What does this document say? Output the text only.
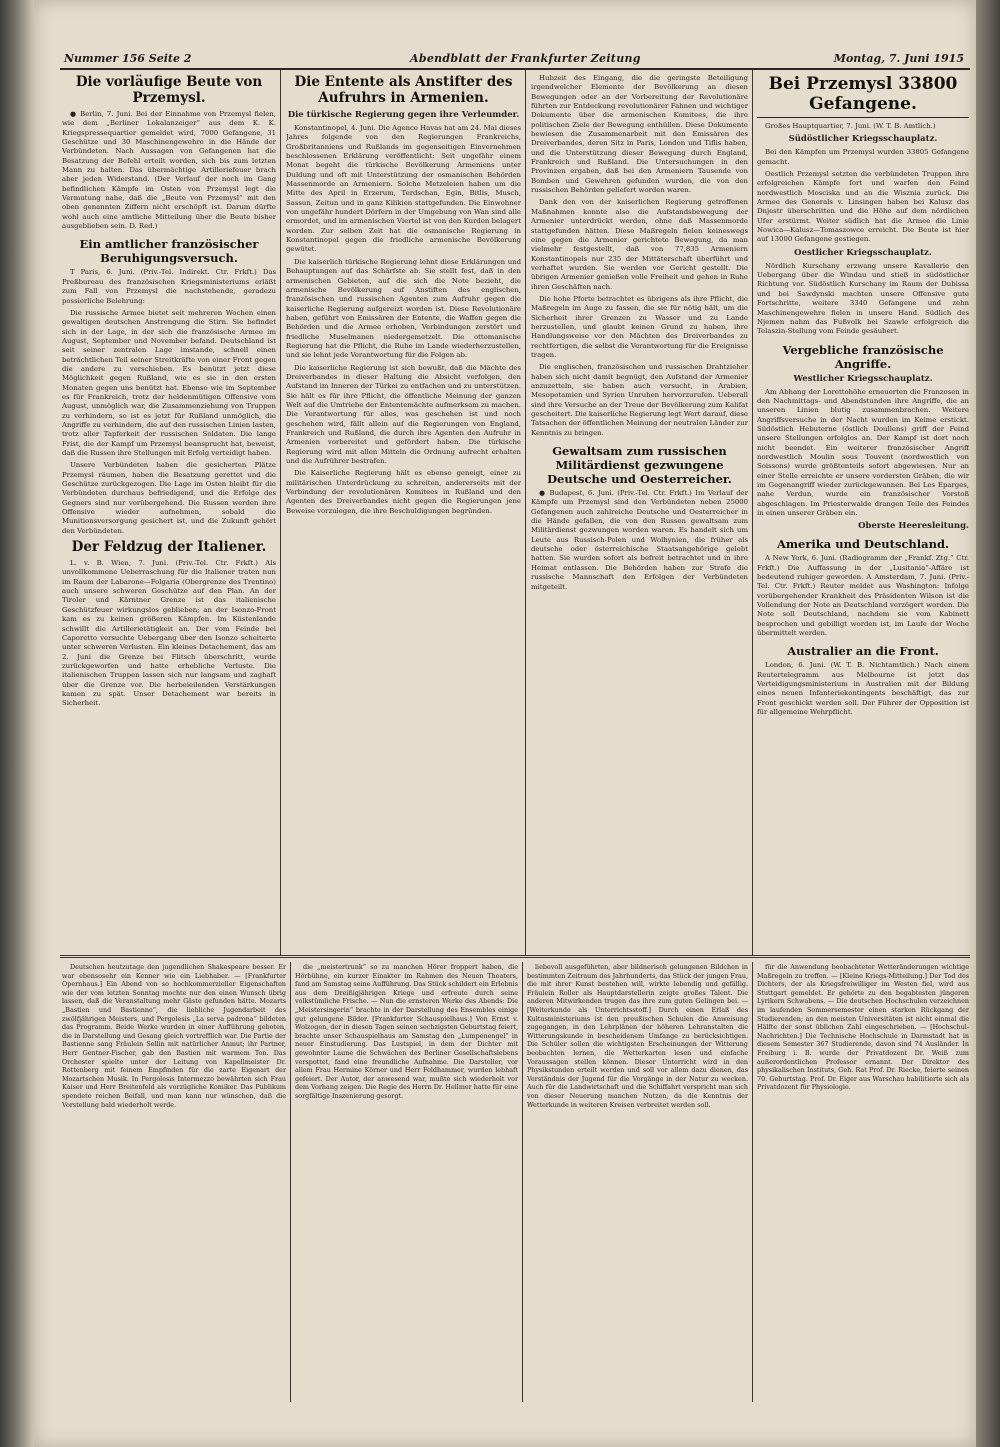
Nummer 156 Seite 2	Abendblatt der Frankfurter Zeitung	Montag, 7. Juni 1915
Die vorläufige Beute von Przemysl.

● Berlin, 7. Juni. Bei der Einnahme von Przemysl fielen, wie dem „Berliner Lokalanzeiger“ aus dem K. K. Kriegspressequartier gemeldet wird, 7000 Gefangene, 31 Geschütze und 30 Maschinengewehre in die Hände der Verbündeten. Nach Aussagen von Gefangenen hat die Besatzung der Befehl erteilt worden, sich bis zum letzten Mann zu halten. Das übermächtige Artilleriefeuer brach aber jeden Widerstand. (Der Verlauf der noch im Gang befindlichen Kämpfe im Osten von Przemysl legt die Vermutung nahe, daß die „Beute von Przemysl“ mit den oben genannten Ziffern nicht erschöpft ist. Darum dürfte wohl auch eine amtliche Mitteilung über die Beute bisher ausgeblieben sein. D. Red.)

Ein amtlicher französischer Beruhigungsversuch.

T Paris, 6. Juni. (Priv.-Tel. Indirekt. Ctr. Frkft.) Das Preßbureau des französischen Kriegsministeriums erläßt zum Fall von Przemysl die nachstehende, geradezu possierliche Belehrung:

Die russische Armee bietet seit mehreren Wochen einen gewaltigen deutschen Anstrengung die Stirn. Sie befindet sich in der Lage, in der sich die französische Armee im August, September und November befand. Deutschland ist seit seiner zentralen Lage imstande, schnell einen beträchtlichen Teil seiner Streitkräfte von einer Front gegen die andere zu verschieben. Es benützt jetzt diese Möglichkeit gegen Rußland, wie es sie in den ersten Monaten gegen uns benützt hat. Ebenso wie im September es für Frankreich, trotz der heldenmütigen Offensive vom August, unmöglich war, die Zusammenziehung von Truppen zu verhindern, so ist es jetzt für Rußland unmöglich, die Angriffe zu verhindern, die auf den russischen Linien lasten, trotz aller Tapferkeit der russischen Soldaten. Die lange Frist, die der Kampf um Przemysl beansprucht hat, beweist, daß die Russen ihre Stellungen mit Erfolg verteidigt haben.

Unsere Verbündeten haben die gesicherten Plätze Przemysl räumen, haben die Besatzung gerettet und die Geschütze zurückgezogen. Die Lage im Osten bleibt für die Verbündeten durchaus befriedigend, und die Erfolge des Gegners sind nur vorübergehend. Die Russen werden ihre Offensive wieder aufnehmen, sobald die Munitionsversorgung gesichert ist, und die Zukunft gehört den Verbündeten.

Der Feldzug der Italiener.

L. v. B. Wien, 7. Juni. (Priv.-Tel. Ctr. Frkft.) Als unvollkommene Ueberraschung für die Italiener traten nun im Raum der Labarone—Folgaria (Obergrenze des Trentino) auch unsere schweren Geschütze auf den Plan. An der Tiroler und Kärntner Grenze ist das italienische Geschützfeuer wirkungslos geblieben; an der Isonzo-Front kam es zu keinen größeren Kämpfen. Im Küstenlande schwillt die Artillerietätigkeit an. Der vom Feinde bei Caporetto versuchte Uebergang über den Isonzo scheiterte unter schweren Verlusten. Ein kleines Detachement, das am 2. Juni die Grenze bei Flitsch überschritt, wurde zurückgeworfen und hatte erhebliche Verluste. Die italienischen Truppen lassen sich nur langsam und zaghaft über die Grenze vor. Die herbeieilenden Verstärkungen kamen zu spät. Unser Detachement war bereits in Sicherheit.

Die Entente als Anstifter des Aufruhrs in Armenien.
Die türkische Regierung gegen ihre Verleumder.

Konstantinopel, 4. Juni. Die Agence Havas hat am 24. Mai dieses Jahres folgende von den Regierungen Frankreichs, Großbritanniens und Rußlands im gegenseitigen Einvernehmen beschlossenen Erklärung veröffentlicht: Seit ungefähr einem Monat begeht die türkische Bevölkerung Armeniens unter Duldung und oft mit Unterstützung der osmanischen Behörden Massenmorde an Armeniern. Solche Metzeleien haben um die Mitte des April in Erzerum, Terdschan, Egin, Bitlis, Musch, Sassun, Zeitun und in ganz Kilikien stattgefunden. Die Einwohner von ungefähr hundert Dörfern in der Umgebung von Wan sind alle ermordet, und im armenischen Viertel ist von den Kurden belagert worden. Zur selben Zeit hat die osmanische Regierung in Konstantinopel gegen die friedliche armenische Bevölkerung gewütet.

Die kaiserlich türkische Regierung lehnt diese Erklärungen und Behauptungen auf das Schärfste ab. Sie stellt fest, daß in den armenischen Gebieten, auf die sich die Note bezieht, die armenische Bevölkerung auf Anstiften des englischen, französischen und russischen Agenten zum Aufruhr gegen die kaiserliche Regierung aufgereizt worden ist. Diese Revolutionäre haben, geführt von Emissären der Entente, die Waffen gegen die Behörden und die Armee erhoben, Verbindungen zerstört und friedliche Muselmanen niedergemetzelt. Die ottomanische Regierung hat die Pflicht, die Ruhe im Lande wiederherzustellen, und sie lehnt jede Verantwortung für die Folgen ab.

Die kaiserliche Regierung ist sich bewußt, daß die Mächte des Dreiverbandes in dieser Haltung die Absicht verfolgen, den Aufstand im Inneren der Türkei zu entfachen und zu unterstützen. Sie hält es für ihre Pflicht, die öffentliche Meinung der ganzen Welt auf die Umtriebe der Ententemächte aufmerksam zu machen. Die Verantwortung für alles, was geschehen ist und noch geschehen wird, fällt allein auf die Regierungen von England, Frankreich und Rußland, die durch ihre Agenten den Aufruhr in Armenien vorbereitet und gefördert haben. Die türkische Regierung wird mit allen Mitteln die Ordnung aufrecht erhalten und die Aufrührer bestrafen.

Die Kaiserliche Regierung hält es ebenso geneigt, einer zu militärischen Unterdrückung zu schreiten, andererseits mit der Verbindung der revolutionären Komitees in Rußland und den Agenten des Dreiverbandes nicht gegen die Regierungen jene Beweise vorzulegen, die ihre Beschuldigungen begründen.

Hubzeit des Eingang, die die geringste Beteiligung irgendwelcher Elemente der Bevölkerung an diesen Bewegungen oder an der Vorbereitung der Revolutionäre führten zur Entdeckung revolutionärer Fahnen und wichtiger Dokumente über die armenischen Komitees, die ihre politischen Ziele der Bewegung enthüllen. Diese Dokumente bewiesen die Zusammenarbeit mit den Emissären des Dreiverbandes, deren Sitz in Paris, London und Tiflis haben, und die Unterstützung dieser Bewegung durch England, Frankreich und Rußland. Die Untersuchungen in den Provinzen ergaben, daß bei den Armeniern Tausende von Bomben und Gewehren gefunden wurden, die von den russischen Behörden geliefert worden waren.

Dank den von der kaiserlichen Regierung getroffenen Maßnahmen konnte also die Aufstandsbewegung der Armenier unterdrückt werden, ohne daß Massenmorde stattgefunden hätten. Diese Maßregeln fielen keineswegs eine gegen die Armenier gerichtete Bewegung, da man vielmehr festgestellt, daß von 77,835 Armeniern Konstantinopels nur 235 der Mittäterschaft überführt und verhaftet wurden. Sie werden vor Gericht gestellt. Die übrigen Armenier genießen volle Freiheit und gehen in Ruhe ihren Geschäften nach.

Die hohe Pforte betrachtet es übrigens als ihre Pflicht, die Maßregeln im Auge zu fassen, die sie für nötig hält, um die Sicherheit ihrer Grenzen zu Wasser und zu Lande herzustellen, und glaubt keinen Grund zu haben, ihre Handlungsweise vor den Mächten des Dreiverbandes zu rechtfertigen, die selbst die Verantwortung für die Ereignisse tragen.

Die englischen, französischen und russischen Drahtzieher haben sich nicht damit begnügt, den Aufstand der Armenier anzuzetteln, sie haben auch versucht, in Arabien, Mesopotamien und Syrien Unruhen hervorzurufen. Ueberall sind ihre Versuche an der Treue der Bevölkerung zum Kalifat gescheitert. Die kaiserliche Regierung legt Wert darauf, diese Tatsachen der öffentlichen Meinung der neutralen Länder zur Kenntnis zu bringen.

Gewaltsam zum russischen Militärdienst gezwungene Deutsche und Oesterreicher.

● Budapest, 6. Juni. (Priv.-Tel. Ctr. Frkft.) Im Verlauf der Kämpfe um Przemysl sind den Verbündeten neben 25000 Gefangenen auch zahlreiche Deutsche und Oesterreicher in die Hände gefallen, die von den Russen gewaltsam zum Militärdienst gezwungen worden waren. Es handelt sich um Leute aus Russisch-Polen und Wolhynien, die früher als deutsche oder österreichische Staatsangehörige gelebt hatten. Sie wurden sofort als befreit betrachtet und in ihre Heimat entlassen. Die Behörden haben zur Strafe die russische Mannschaft den Erfolgen der Verbündeten mitgeteilt.

Bei Przemysl 33800 Gefangene.

Großes Hauptquartier, 7. Juni. (W. T. B. Amtlich.)

Südöstlicher Kriegsschauplatz.

Bei den Kämpfen um Przemysl wurden 33805 Gefangene gemacht.

Oestlich Przemysl setzten die verbündeten Truppen ihre erfolgreichen Kämpfe fort und warfen den Feind nordwestlich Mosciska und an die Wisznia zurück. Die Armee des Generals v. Linsingen haben bei Kalusz das Dnjestr überschritten und die Höhe auf dem nördlichen Ufer erstürmt. Weiter südlich hat die Armee die Linie Nowica—Kalusz—Tomaszowce erreicht. Die Beute ist hier auf 13000 Gefangene gestiegen.

Oestlicher Kriegsschauplatz.

Nördlich Kurschany erzwang unsere Kavallerie den Uebergang über die Windau und stieß in südöstlicher Richtung vor. Südöstlich Kurschany im Raum der Dubissa und bei Sawdynski machten unsere Offensive gute Fortschritte, weitere 3340 Gefangene und zehn Maschinengewehre fielen in unsere Hand. Südlich des Njemen nahm das Fußvolk bei Szawle erfolgreich die Telaszin-Stellung vom Feinde gesäubert.

Vergebliche französische Angriffe.
Westlicher Kriegsschauplatz.

Am Abhang der Lorettohöhe erneuerten die Franzosen in den Nachmittags- und Abendstunden ihre Angriffe, die an unseren Linien blutig zusammenbrachen. Weitere Angriffsversuche in der Nacht wurden im Keime erstickt. Südöstlich Hebuterne (östlich Doullens) griff der Feind unsere Stellungen erfolglos an. Der Kampf ist dort noch nicht beendet. Ein weiterer französischer Angriff nordwestlich Moulin sous Touvent (nordwestlich von Soissons) wurde größtenteils sofort abgewiesen. Nur an einer Stelle erreichte er unsere vordersten Gräben, die wir im Gegenangriff wieder zurückgewannen. Bei Les Eparges, nahe Verdun, wurde ein französischer Vorstoß abgeschlagen. Im Priesterwalde drangen Teile des Feindes in einen unserer Gräben ein.

Oberste Heeresleitung.
Amerika und Deutschland.

A New York, 6. Juni. (Radiogramm der „Frankf. Ztg.“ Ctr. Frkft.) Die Auffassung in der „Lusitania“-Affäre ist bedeutend ruhiger geworden. A Amsterdam, 7. Juni. (Priv.-Tel. Ctr. Frkft.) Reuter meldet aus Washington: Infolge vorübergehender Krankheit des Präsidenten Wilson ist die Vollendung der Note an Deutschland verzögert worden. Die Note soll Deutschland, nachdem sie vom Kabinett besprochen und gebilligt worden ist, im Laufe der Woche übermittelt werden.

Australier an die Front.

London, 6. Juni. (W. T. B. Nichtamtlich.) Nach einem Reutertelegramm aus Melbourne ist jetzt das Verteidigungsministerium in Australien mit der Bildung eines neuen Infanteriekontingents beschäftigt, das zur Front geschickt werden soll. Der Führer der Opposition ist für allgemeine Wehrpflicht.

Deutschen heutzutage den jugendlichen Shakespeare besser. Er war ebensosehr ein Kenner wie ein Liebhaber. — [Frankfurter Opernhaus.] Ein Abend von so hochkommerzieller Eigenschaften wie der vom letzten Sonntag mochte nur den einen Wunsch übrig lassen, daß die Veranstaltung mehr Gäste gefunden hätte. Mozarts „Bastien und Bastienne“, die liebliche Jugendarbeit des zwölfjährigen Meisters, und Pergolesis „La serva padrona“ bildeten das Programm. Beide Werke wurden in einer Aufführung geboten, die in Darstellung und Gesang gleich vortrefflich war. Die Partie der Bastienne sang Fräulein Sellin mit natürlicher Anmut; ihr Partner, Herr Gentner-Fischer, gab den Bastien mit warmem Ton. Das Orchester spielte unter der Leitung von Kapellmeister Dr. Rottenberg mit feinem Empfinden für die zarte Eigenart der Mozartschen Musik. In Pergolesis Intermezzo bewährten sich Frau Kaiser und Herr Breitenfeld als vorzügliche Komiker. Das Publikum spendete reichen Beifall, und man kann nur wünschen, daß die Vorstellung bald wiederholt werde.

die „meistertrunk“ so zu manchen Hörer froppert haben, die Hörbühne, ein kurzer Einakter im Rahmen des Neuen Theaters, fand am Samstag seine Aufführung. Das Stück schildert ein Erlebnis aus dem Dreißigjährigen Kriege und erfreute durch seine volkstümliche Frische. — Nun die ernsteren Werke des Abends: Die „Meistersingerin“ brachte in der Darstellung des Ensembles einige gut gelungene Bilder. [Frankfurter Schauspielhaus.] Von Ernst v. Wolzogen, der in diesen Tagen seinen sechzigsten Geburtstag feiert, brachte unser Schauspielhaus am Samstag den „Lumpenengel“ in neuer Einstudierung. Das Lustspiel, in dem der Dichter mit gewohnter Laune die Schwächen des Berliner Gesellschaftslebens verspottet, fand eine freundliche Aufnahme. Die Darsteller, vor allem Frau Hermine Körner und Herr Feldhammer, wurden lebhaft gefeiert. Der Autor, der anwesend war, mußte sich wiederholt vor dem Vorhang zeigen. Die Regie des Herrn Dr. Hellmer hatte für eine sorgfältige Inszenierung gesorgt.

liebevoll ausgeführten, aber bildnerisch gelungenen Bildchen in bestimmten Zeitraum des Jahrhunderts, das Stück der jungen Frau, die mit ihrer Kunst bestehen will, wirkte lebendig und gefällig. Fräulein Roller als Hauptdarstellerin zeigte großes Talent. Die anderen Mitwirkenden trugen das ihre zum guten Gelingen bei. — [Weiterkunde als Unterrichtsstoff.] Durch einen Erlaß des Kultusministeriums ist den preußischen Schulen die Anweisung zugegangen, in den Lehrplänen der höheren Lehranstalten die Witterungskunde in bescheidenem Umfange zu berücksichtigen. Die Schüler sollen die wichtigsten Erscheinungen der Witterung beobachten lernen, die Wetterkarten lesen und einfache Voraussagen stellen können. Dieser Unterricht wird in den Physikstunden erteilt werden und soll vor allem dazu dienen, das Verständnis der Jugend für die Vorgänge in der Natur zu wecken. Auch für die Landwirtschaft und die Schiffahrt verspricht man sich von dieser Neuerung manchen Nutzen, da die Kenntnis der Wetterkunde in weiteren Kreisen verbreitet werden soll.

für die Anwendung beobachteter Wetteränderungen wichtige Maßregeln zu treffen. — [Kleine Kriegs-Mitteilung.] Der Tod des Dichters, der als Kriegsfreiwilliger im Westen fiel, wird aus Stuttgart gemeldet. Er gehörte zu den begabtesten jüngeren Lyrikern Schwabens. — Die deutschen Hochschulen verzeichnen im laufenden Sommersemester einen starken Rückgang der Studierenden; an den meisten Universitäten ist nicht einmal die Hälfte der sonst üblichen Zahl eingeschrieben. — [Hochschul-Nachrichten.] Die Technische Hochschule in Darmstadt hat in diesem Semester 367 Studierende, davon sind 74 Ausländer. In Freiburg i. B. wurde der Privatdozent Dr. Weiß zum außerordentlichen Professor ernannt. Der Direktor des physikalischen Instituts, Geh. Rat Prof. Dr. Riecke, feierte seinen 70. Geburtstag. Prof. Dr. Eiger aus Warschau habilitierte sich als Privatdozent für Physiologie.
